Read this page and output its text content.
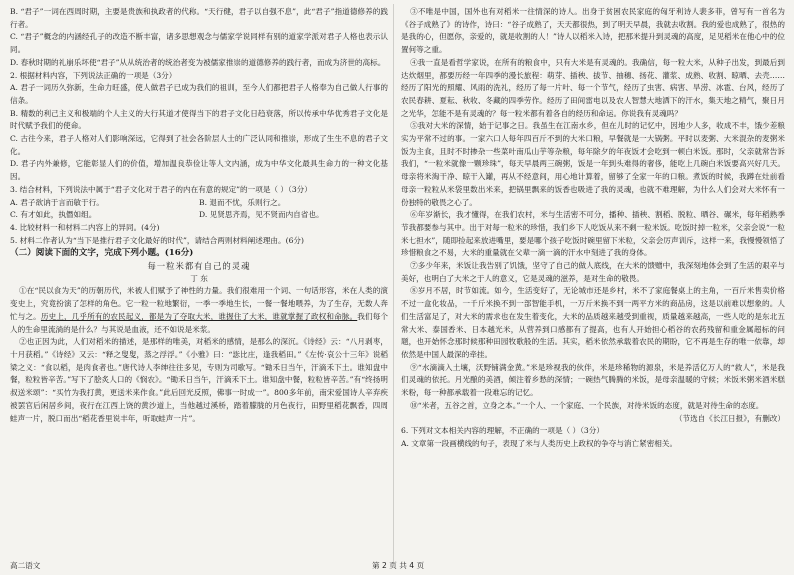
B. “君子”一词在西周时期，主要是贵族和执政者的代称。“天行健，君子以自强不息”，此“君子”指道德修养的践行者。

C. “君子”概念的内涵经孔子的改造不断丰富，诸多思想观念与儒家学说同样有别的道家学派对君子人格也表示认同。

D. 春秋时期的礼崩乐坏使“君子”从从统治者的统治者变为被儒家推崇的道德修养的践行者，而成为济世的高标。

2. 根据材料内容，下列说法正确的一项是（3分）

A. 君子一词历久弥新，生命力旺盛，使人做君子已成为我们的祖训，至今人们都把君子人格奉为自己做人行事的信条。

B. 精数的利己主义和极端的个人主义的大行其道才使得当下的君子文化日趋衰落，所以传承中华优秀君子文化是时代赋予我们的使命。

C. 古往今来，君子人格对人们影响深远，它得到了社会各阶层人士的广泛认同和推崇，形成了生生不息的君子文化。

D. 君子内外兼修，它能彰显人们的价值，增加温良恭俭让等人文内涵，成为中华文化最具生命力的一种文化基因。

3. 结合材料，下列说法中属于“君子文化对于君子的内在有意的规定”的一项是（ ）（3分）

A. 君子欲讷于言而敏于行。	B. 退而不忧，乐则行之。
C. 有才如此，执僭如组。	D. 见贤思齐焉，见不贤而内自省也。

4. 比较材料一和材料二内容上的异同。(4分)

5. 材料二作者认为“当下是推行君子文化最好的时代”，请结合两则材料阐述理由。(6分)

（二）阅读下面的文字，完成下列小题。(16分)

每一粒米都有自己的灵魂

丁 东

①在“民以食为天”的历朝历代，米被人们赋予了神性的力量。我们很难用一个词、一句话形容，米在人类的演变史上，究竟扮演了怎样的角色。它一粒一粒地繁衍，一季一季地生长，一餐一餐地喂养，为了生存，无数人奔忙与之。历史上，几乎所有的农民起义，都是为了夺取大米，谁握住了大米，谁就掌握了政权和命脉。我们每个人的生命里流淌的是什么？与其说是血液，还不如说是米浆。

②也正因为此，人们对稻米的描述，是那样的唯美，对稻米的感情，是那么的深沉。《诗经》云：“八月剥枣，十月获稻。”《诗经》又云：“释之叟叟，蒸之浮浮。”《小雅》曰：“毖比庄，逢我稻田。”《左传·哀公十三年》说稻梁之义：“食以稻，是肉食者也。”唐代诗人李绅往往多见，专则为司歌写。“锄禾日当午，汗滴禾下土。谁知盘中餐，粒粒皆辛苦。”写下了脍炙人口的《悯农》。“锄禾日当午，汗滴禾下土。谁知盘中餐，粒粒皆辛苦。”有“终扬明叔送米颂”：“买竹为我打黄，更送米来作食。”此后回光反照，佛事一时成一”。800多年前，南宋爱国诗人辛弃疾被罢官后闲居乡间，夜行在江西上饶的黄沙道上，当他越过溪桥，踏着朦胧的月色夜行，田野里稻花飘香，四周蛙声一片，脱口而出“稻花香里说丰年，听取蛙声一片”。

③不唯是中国，国外也有对稻米一往情深的诗人。出身于贫困农民家庭的匈牙利诗人裴多菲，曾写有一首名为《谷子成熟了》的诗作，诗曰：“谷子成熟了，天天都很热，到了明天早晨，我就去收割。我的爱也成熟了，很热的是我的心，但愿你，亲爱的，就是收割的人！”诗人以稻米入诗，把那米提升到灵魂的高度，足见稻米在他心中的位置何等之重。

④我一直是看哲学家说，在所有的粮食中，只有大米是有灵魂的。我确信，每一粒大米，从种子出发，到最后到达炊烟里，都要历经一年四季的漫长旅程：萌芽、插秧、拔节、抽穗、扬花、灌浆、成熟、收割、晾晒、去壳……经历了阳光的照耀、风雨的洗礼，经历了每一片叶、每一个节气，经历了虫害、病害、旱涝、冰雹、台风，经历了农民春耕、夏耘、秋收、冬藏的四季劳作。经历了田间雷电以及农人智慧大地洒下的汗水，集天地之精气，聚日月之光华，怎能不是有灵魂的？每一粒米都有着各自的经历和命运。你说我有灵魂吗？

⑤我对大米的深情，始于记事之日。我虽生在江南水乡，但在儿时的记忆中，因地少人多，收成不丰，饿少差粮实为平常不过的事。一家六口人每年四百斤不到的大米口粮，早餐就是一大锅粥。平时以麦粥、大米混杂的麦粥米饭为主食，且时不时掺杂一些菜叶南瓜山芋等杂粮，每年除夕的年夜饭才会吃到一顿白米饭。那时，父亲就常告诉我们，“一粒米就像一颗珍珠”，每天早晨两三碗粥，饭是一年到头难得的奢侈，能吃上几碗白米饭要高兴好几天。母亲将米淘干净、晾干入罐，再从不经意间，用心地计算着，留够了全家一年的口粮。煮饭的时候，我蹲在灶前看母亲一粒粒从米袋里数出米来，把锅里飘来的饭香也吸进了我的灵魂，也就不难理解，为什么人们会对大米怀有一份独特的敬畏之心了。

⑥年岁渐长，我才懂得，在我们农村，米与生活密不可分，播种、插秧、割稻、脱粒、晒谷、碾米，每年稻熟季节我都要参与其中。出于对每一粒米的珍惜，我们乡下人吃饭从来不剩一粒米饭。吃饭时掉一粒米，父亲会说“一粒米七担水”，随即捡起来放进嘴里，要是哪个孩子吃饭时碗里留下米粒，父亲会厉声训斥，这样一来，我慢慢领悟了珍惜粮食之不易，大米的重量就在父辈一滴一滴的汗水中刻进了我的身体。

⑦多少年来，米饭让我告别了饥饿，坚守了自己的做人底线，在大米的馈赠中，我深刻地体会到了生活的艰辛与美好，也明白了大米之于人的意义，它是灵魂的滋养，是对生命的敬畏。

⑧岁月不居，时节如流。如今，生活变好了，无论城市还是乡村，米不了家庭餐桌上的主角，一百斤米售卖价格不过一盒化妆品，一千斤米换不到一部智能手机，一万斤米换不到一两平方米的商品房，这是以前难以想象的。人们生活富足了，对大米的需求也在发生着变化，大米的品质越来越受到重视，质量越来越高，一些人吃的是东北五常大米、泰国香米、日本越光米，从营养到口感都有了提高，也有人开始担心稻谷的农药残留和重金属超标的问题，也开始怀念那时候那种田园牧歌般的生活。其实，稻米依然承载着农民的期盼，它不再是生存的唯一依靠，却依然是中国人最深的牵挂。

⑨“水滴滴入土壤，沃野铺满金黄。”米是珍视我的伙伴，米是珍稀物的源泉，米是养活亿万人的“救人”，米是我们灵魂的依托。月光酿的美酒，倾注着乡愁的深情；一碗热气腾腾的米饭，是母亲温暖的守候；米饭米粥米酒米糕米粉，每一种都承载着一段难忘的记忆。

⑩“米者，五谷之首，立身之本。”一个人、一个家庭、一个民族，对待米饭的态度，就是对待生命的态度。

（节选自《长江日报》，有删改）

6. 下列对文本相关内容的理解，不正确的一项是（ ）（3分）

A. 文章第一段画横线的句子，表现了米与人类历史上政权的争夺与消亡紧密相关。

高二语文	第 2 页 共 4 页
